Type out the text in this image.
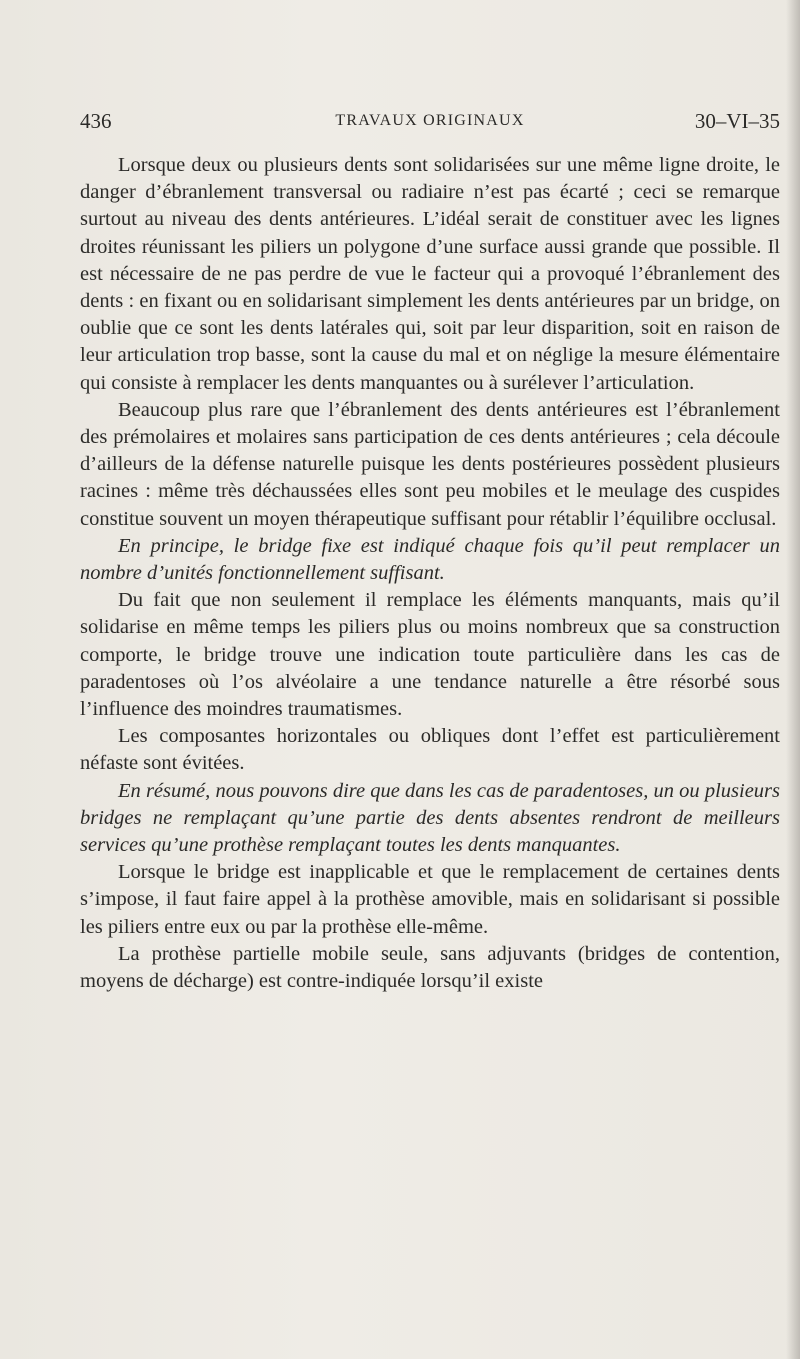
436	TRAVAUX ORIGINAUX	30–VI–35

Lorsque deux ou plusieurs dents sont solidarisées sur une même ligne droite, le danger d’ébranlement transversal ou radiaire n’est pas écarté ; ceci se remarque surtout au niveau des dents antérieures. L’idéal serait de constituer avec les lignes droites réunissant les piliers un polygone d’une surface aussi grande que possible. Il est nécessaire de ne pas perdre de vue le facteur qui a provoqué l’ébranlement des dents : en fixant ou en solidarisant simplement les dents antérieures par un bridge, on oublie que ce sont les dents latérales qui, soit par leur disparition, soit en raison de leur articulation trop basse, sont la cause du mal et on néglige la mesure élémentaire qui consiste à remplacer les dents manquantes ou à surélever l’articulation.

Beaucoup plus rare que l’ébranlement des dents antérieures est l’ébranlement des prémolaires et molaires sans participation de ces dents antérieures ; cela découle d’ailleurs de la défense naturelle puisque les dents postérieures possèdent plusieurs racines : même très déchaussées elles sont peu mobiles et le meulage des cuspides constitue souvent un moyen thérapeutique suffisant pour rétablir l’équilibre occlusal.

En principe, le bridge fixe est indiqué chaque fois qu’il peut remplacer un nombre d’unités fonctionnellement suffisant.

Du fait que non seulement il remplace les éléments manquants, mais qu’il solidarise en même temps les piliers plus ou moins nombreux que sa construction comporte, le bridge trouve une indication toute particulière dans les cas de paradentoses où l’os alvéolaire a une tendance naturelle a être résorbé sous l’influence des moindres traumatismes.

Les composantes horizontales ou obliques dont l’effet est particulièrement néfaste sont évitées.

En résumé, nous pouvons dire que dans les cas de paradentoses, un ou plusieurs bridges ne remplaçant qu’une partie des dents absentes rendront de meilleurs services qu’une prothèse remplaçant toutes les dents manquantes.

Lorsque le bridge est inapplicable et que le remplacement de certaines dents s’impose, il faut faire appel à la prothèse amovible, mais en solidarisant si possible les piliers entre eux ou par la prothèse elle-même.

La prothèse partielle mobile seule, sans adjuvants (bridges de contention, moyens de décharge) est contre-indiquée lorsqu’il existe
